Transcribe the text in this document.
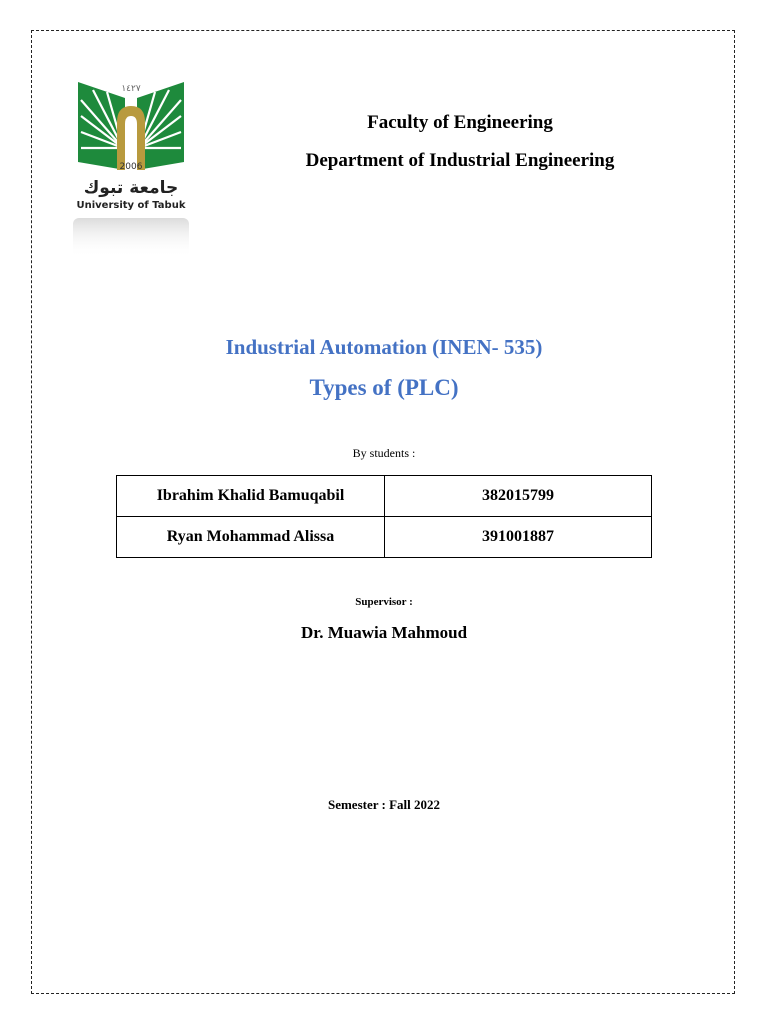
١٤٢٧
2006
جامعة تبوك
University of Tabuk
Faculty of Engineering
Department of Industrial Engineering
Industrial Automation (INEN- 535)
Types of (PLC)
By students :
Ibrahim Khalid Bamuqabil	382015799
Ryan Mohammad Alissa	391001887
Supervisor :
Dr. Muawia Mahmoud
Semester : Fall 2022
